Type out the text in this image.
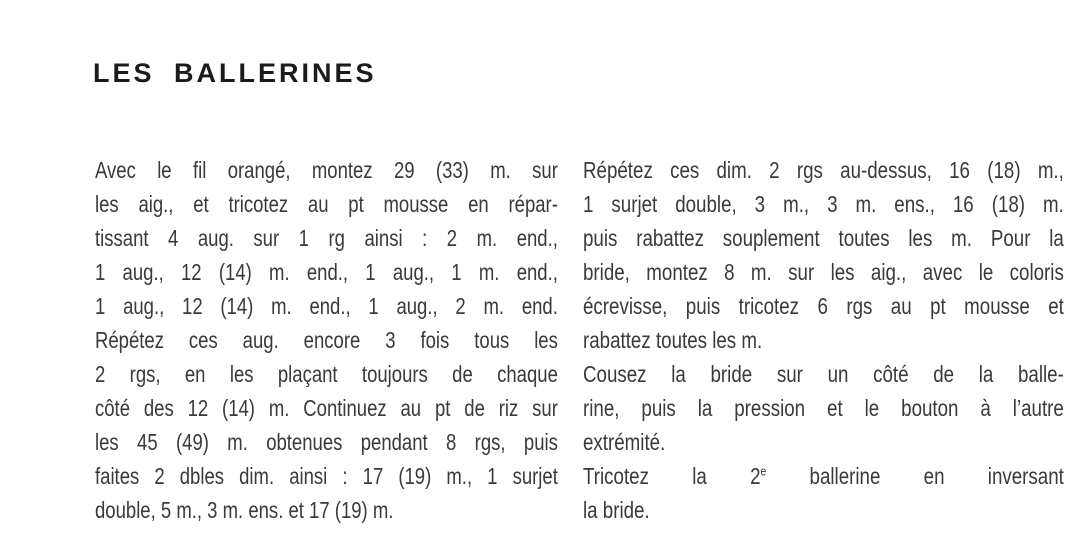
LES BALLERINES
Avec le fil orangé, montez 29 (33) m. sur
les aig., et tricotez au pt mousse en répar-
tissant 4 aug. sur 1 rg ainsi : 2 m. end.,
1 aug., 12 (14) m. end., 1 aug., 1 m. end.,
1 aug., 12 (14) m. end., 1 aug., 2 m. end.
Répétez ces aug. encore 3 fois tous les
2 rgs, en les plaçant toujours de chaque
côté des 12 (14) m. Continuez au pt de riz sur
les 45 (49) m. obtenues pendant 8 rgs, puis
faites 2 dbles dim. ainsi : 17 (19) m., 1 surjet
double, 5 m., 3 m. ens. et 17 (19) m.
Répétez ces dim. 2 rgs au-dessus, 16 (18) m.,
1 surjet double, 3 m., 3 m. ens., 16 (18) m.
puis rabattez souplement toutes les m. Pour la
bride, montez 8 m. sur les aig., avec le coloris
écrevisse, puis tricotez 6 rgs au pt mousse et
rabattez toutes les m.
Cousez la bride sur un côté de la balle-
rine, puis la pression et le bouton à l’autre
extrémité.
Tricotez la 2e ballerine en inversant
la bride.
